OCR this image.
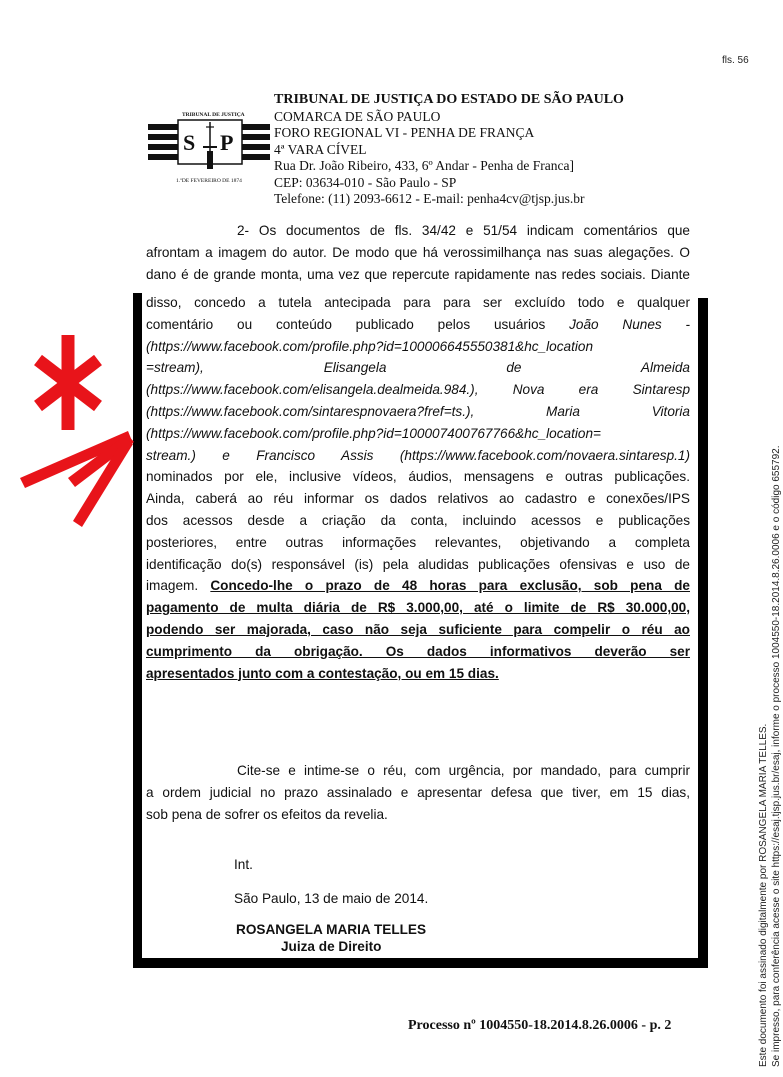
fls. 56
TRIBUNAL DE JUSTIÇA
S P
1.ºDE FEVEREIRO DE 1874
TRIBUNAL DE JUSTIÇA DO ESTADO DE SÃO PAULO
COMARCA DE SÃO PAULO
FORO REGIONAL VI - PENHA DE FRANÇA
4ª VARA CÍVEL
Rua Dr. João Ribeiro, 433, 6º Andar - Penha de Franca]
CEP: 03634-010 - São Paulo - SP
Telefone: (11) 2093-6612 - E-mail: penha4cv@tjsp.jus.br

2- Os documentos de fls. 34/42 e 51/54 indicam comentários que

afrontam a imagem do autor. De modo que há verossimilhança nas suas alegações. O

dano é de grande monta, uma vez que repercute rapidamente nas redes sociais. Diante

disso, concedo a tutela antecipada para para ser excluído todo e qualquer

comentário ou conteúdo publicado pelos usuários João Nunes -

(https://www.facebook.com/profile.php?id=100006645550381&hc_location

=stream), Elisangela de Almeida

(https://www.facebook.com/elisangela.dealmeida.984.), Nova era Sintaresp

(https://www.facebook.com/sintarespnovaera?fref=ts.), Maria Vitoria

(https://www.facebook.com/profile.php?id=100007400767766&hc_location=

stream.) e Francisco Assis (https://www.facebook.com/novaera.sintaresp.1)

nominados por ele, inclusive vídeos, áudios, mensagens e outras publicações.

Ainda, caberá ao réu informar os dados relativos ao cadastro e conexões/IPS

dos acessos desde a criação da conta, incluindo acessos e publicações

posteriores, entre outras informações relevantes, objetivando a completa

identificação do(s) responsável (is) pela aludidas publicações ofensivas e uso de

imagem. Concedo-lhe o prazo de 48 horas para exclusão, sob pena de

pagamento de multa diária de R$ 3.000,00, até o limite de R$ 30.000,00,

podendo ser majorada, caso não seja suficiente para compelir o réu ao

cumprimento da obrigação. Os dados informativos deverão ser

apresentados junto com a contestação, ou em 15 dias.

Cite-se e intime-se o réu, com urgência, por mandado, para cumprir

a ordem judicial no prazo assinalado e apresentar defesa que tiver, em 15 dias,

sob pena de sofrer os efeitos da revelia.

Int.
São Paulo, 13 de maio de 2014.
ROSANGELA MARIA TELLES
Juiza de Direito
Processo nº 1004550-18.2014.8.26.0006 - p. 2	Este documento foi assinado digitalmente por ROSANGELA MARIA TELLES. Se impresso, para conferência acesse o site https://esaj.tjsp.jus.br/esaj, informe o processo 1004550-18.2014.8.26.0006 e o código 655792.
